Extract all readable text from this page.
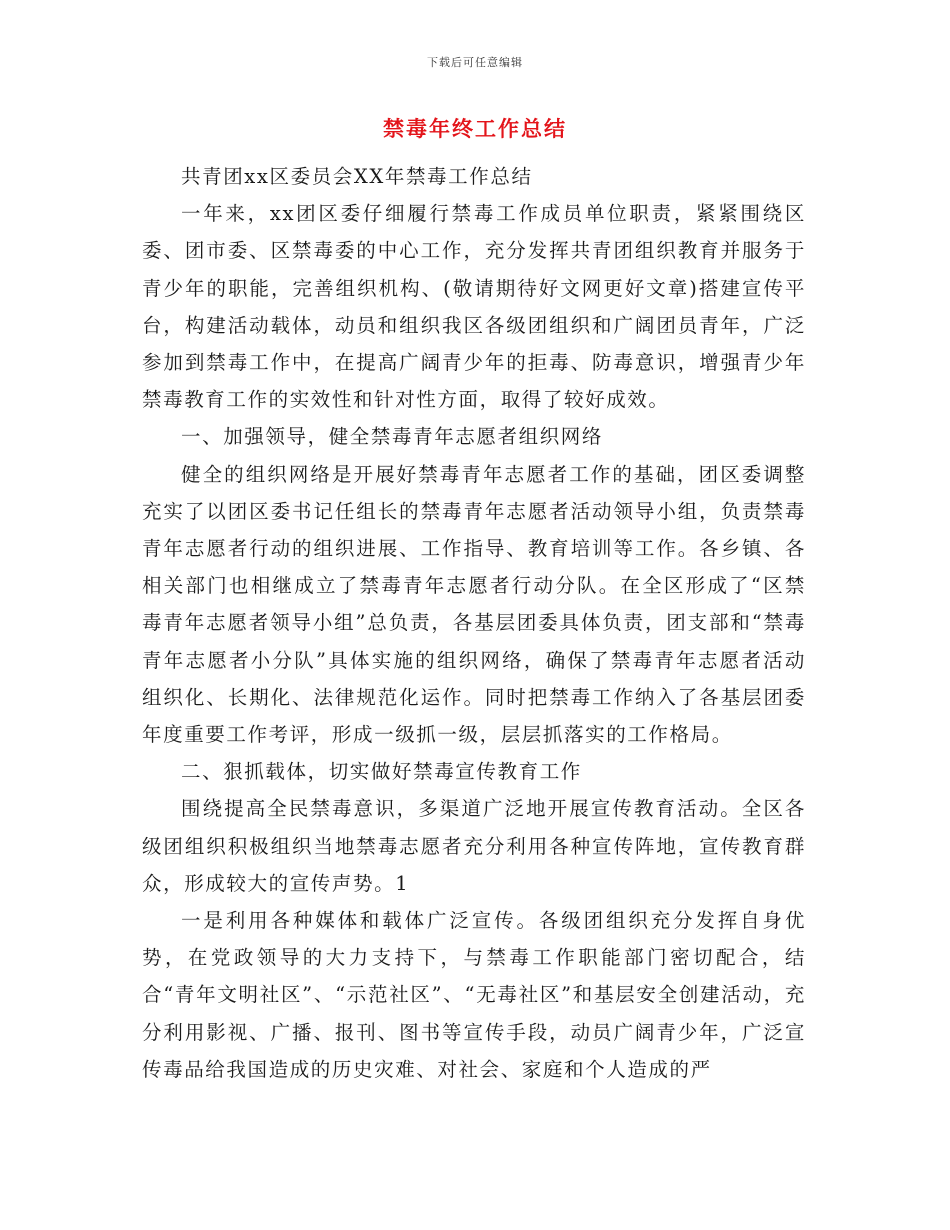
下载后可任意编辑
禁毒年终工作总结

共青团xx区委员会XX年禁毒工作总结

一年来，xx团区委仔细履行禁毒工作成员单位职责，紧紧围绕区委、团市委、区禁毒委的中心工作，充分发挥共青团组织教育并服务于青少年的职能，完善组织机构、(敬请期待好文网更好文章)搭建宣传平台，构建活动载体，动员和组织我区各级团组织和广阔团员青年，广泛参加到禁毒工作中，在提高广阔青少年的拒毒、防毒意识，增强青少年禁毒教育工作的实效性和针对性方面，取得了较好成效。

一、加强领导，健全禁毒青年志愿者组织网络

健全的组织网络是开展好禁毒青年志愿者工作的基础，团区委调整充实了以团区委书记任组长的禁毒青年志愿者活动领导小组，负责禁毒青年志愿者行动的组织进展、工作指导、教育培训等工作。各乡镇、各相关部门也相继成立了禁毒青年志愿者行动分队。在全区形成了“区禁毒青年志愿者领导小组”总负责，各基层团委具体负责，团支部和“禁毒青年志愿者小分队”具体实施的组织网络，确保了禁毒青年志愿者活动组织化、长期化、法律规范化运作。同时把禁毒工作纳入了各基层团委年度重要工作考评，形成一级抓一级，层层抓落实的工作格局。

二、狠抓载体，切实做好禁毒宣传教育工作

围绕提高全民禁毒意识，多渠道广泛地开展宣传教育活动。全区各级团组织积极组织当地禁毒志愿者充分利用各种宣传阵地，宣传教育群众，形成较大的宣传声势。1

一是利用各种媒体和载体广泛宣传。各级团组织充分发挥自身优势，在党政领导的大力支持下，与禁毒工作职能部门密切配合，结合“青年文明社区”、“示范社区”、“无毒社区”和基层安全创建活动，充分利用影视、广播、报刊、图书等宣传手段，动员广阔青少年，广泛宣传毒品给我国造成的历史灾难、对社会、家庭和个人造成的严
